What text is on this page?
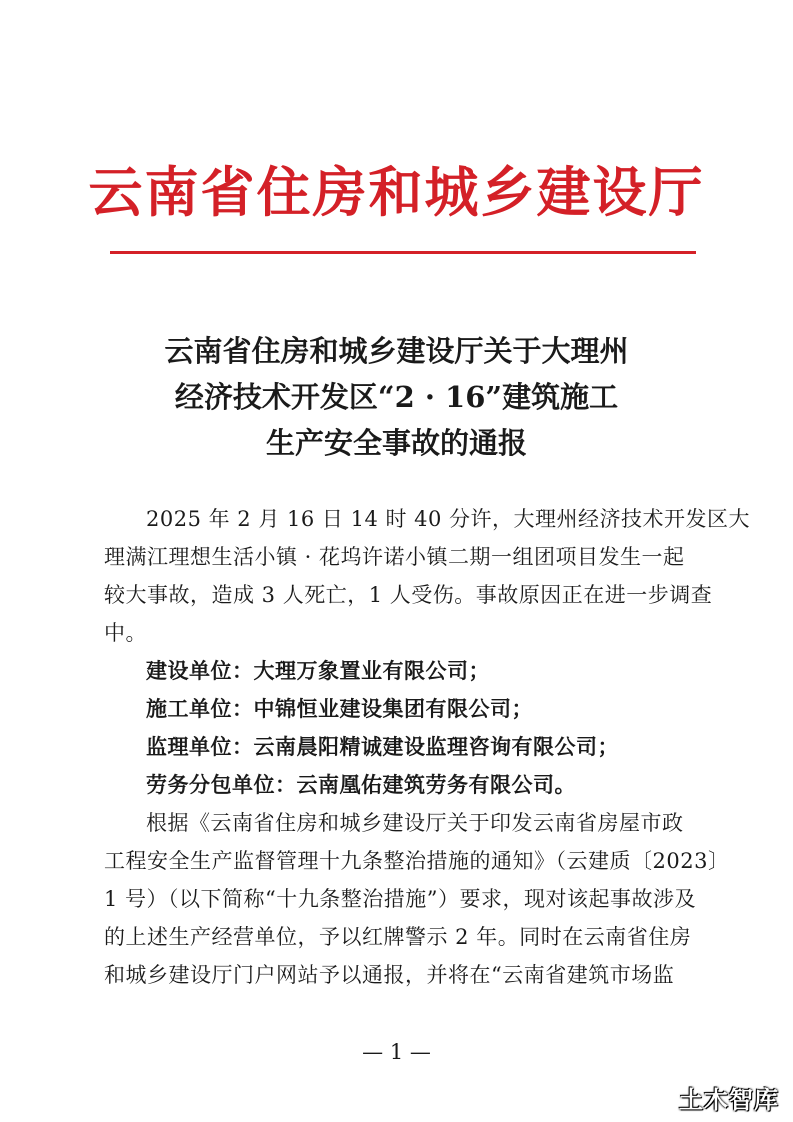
云南省住房和城乡建设厅
云南省住房和城乡建设厅关于大理州
经济技术开发区“2 · 16”建筑施工
生产安全事故的通报

2025 年 2 月 16 日 14 时 40 分许，大理州经济技术开发区大
理满江理想生活小镇 · 花坞许诺小镇二期一组团项目发生一起
较大事故，造成 3 人死亡，1 人受伤。事故原因正在进一步调查
中。

建设单位：大理万象置业有限公司；

施工单位：中锦恒业建设集团有限公司；

监理单位：云南晨阳精诚建设监理咨询有限公司；

劳务分包单位：云南凰佑建筑劳务有限公司。

根据《云南省住房和城乡建设厅关于印发云南省房屋市政
工程安全生产监督管理十九条整治措施的通知》（云建质〔2023〕
1 号）（以下简称“十九条整治措施”）要求，现对该起事故涉及
的上述生产经营单位，予以红牌警示 2 年。同时在云南省住房
和城乡建设厅门户网站予以通报，并将在“云南省建筑市场监

— 1 —
土木智库
